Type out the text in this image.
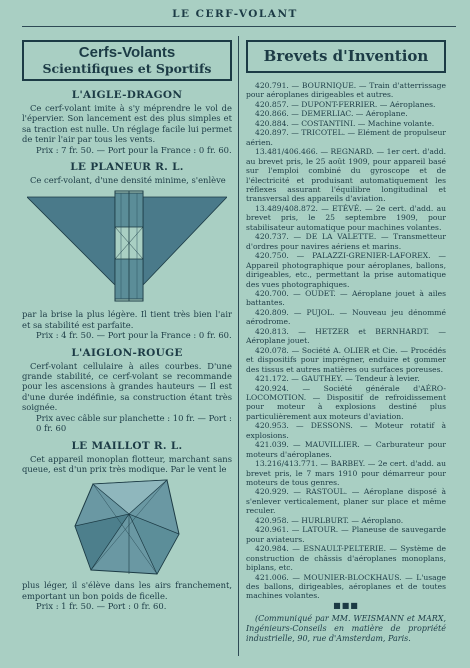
LE CERF-VOLANT
Cerfs-Volants
Scientifiques et Sportifs
L'AIGLE-DRAGON

Ce cerf-volant imite à s'y méprendre le vol de l'épervier. Son lancement est des plus simples et sa traction est nulle. Un réglage facile lui permet de tenir l'air par tous les vents.

Prix : 7 fr. 50. — Port pour la France : 0 fr. 60.
LE PLANEUR R. L.

Ce cerf-volant, d'une densité minime, s'enlève

par la brise la plus légère. Il tient très bien l'air et sa stabilité est parfaite.

Prix : 4 fr. 50. — Port pour la France : 0 fr. 60.
L'AIGLON-ROUGE

Cerf-volant cellulaire à ailes courbes. D'une grande stabilité, ce cerf-volant se recommande pour les ascensions à grandes hauteurs — Il est d'une durée indéfinie, sa construction étant très soignée.

Prix avec câble sur planchette : 10 fr. — Port : 0 fr. 60
LE MAILLOT R. L.

Cet appareil monoplan flotteur, marchant sans queue, est d'un prix très modique. Par le vent le

plus léger, il s'élève dans les airs franchement, emportant un bon poids de ficelle.

Prix : 1 fr. 50. — Port : 0 fr. 60.
Brevets d'Invention
420.791. — BOURNIQUE. — Train d'atterrissage pour aéroplanes dirigeables et autres.
420.857. — DUPONT-FERRIER. — Aéroplanes.
420.866. — DEMERLIAC. — Aéroplane.
420.884. — COSTANTINI. — Machine volante.
420.897. — TRICOTEL. — Elément de propulseur aérien.
13.481/406.466. — REGNARD. — 1er cert. d'add. au brevet pris, le 25 août 1909, pour appareil basé sur l'emploi combiné du gyroscope et de l'électricité et produisant automatiquement les réflexes assurant l'équilibre longitudinal et transversal des appareils d'aviation.
13.489/408.872. — ETÉVÉ. — 2e cert. d'add. au brevet pris, le 25 septembre 1909, pour stabilisateur automatique pour machines volantes.
420.737. — DE LA VALETTE. — Transmetteur d'ordres pour navires aériens et marins.
420.750. — PALAZZI-GRENIER-LAFOREX. — Appareil photographique pour aéroplanes, ballons, dirigeables, etc., permettant la prise automatique des vues photographiques.
420.700. — OUDET. — Aéroplane jouet à ailes battantes.
420.809. — PUJOL. — Nouveau jeu dénommé aérodrome.
420.813. — HETZER et BERNHARDT. — Aéroplane jouet.
420.078. — Société A. OLIER et Cie. — Procédés et dispositifs pour imprégner, enduire et gommer des tissus et autres matières ou surfaces poreuses.
421.172. — GAUTHEY. — Tendeur à levier.
420.924. — Société générale d'AÉRO-LOCOMOTION. — Dispositif de refroidissement pour moteur à explosions destiné plus particulièrement aux moteurs d'aviation.
420.953. — DESSONS. — Moteur rotatif à explosions.
421.039. — MAUVILLIER. — Carburateur pour moteurs d'aéroplanes.
13.216/413.771. — BARBEY. — 2e cert. d'add. au brevet pris, le 7 mars 1910 pour démarreur pour moteurs de tous genres.
420.929. — RASTOUL. — Aéroplane disposé à s'enlever verticalement, planer sur place et même reculer.
420.958. — HURLBURT. — Aéroplano.
420.961. — LATOUR. — Planeuse de sauvegarde pour aviateurs.
420.984. — ESNAULT-PELTERIE. — Système de construction de châssis d'aéroplanes monoplans, biplans, etc.
421.006. — MOUNIER-BLOCKHAUS. — L'usage des ballons, dirigeables, aéroplanes et de toutes machines volantes.
■■■
(Communiqué par MM. WEISMANN et MARX, Ingénieurs-Conseils en matière de propriété industrielle, 90, rue d'Amsterdam, Paris.
